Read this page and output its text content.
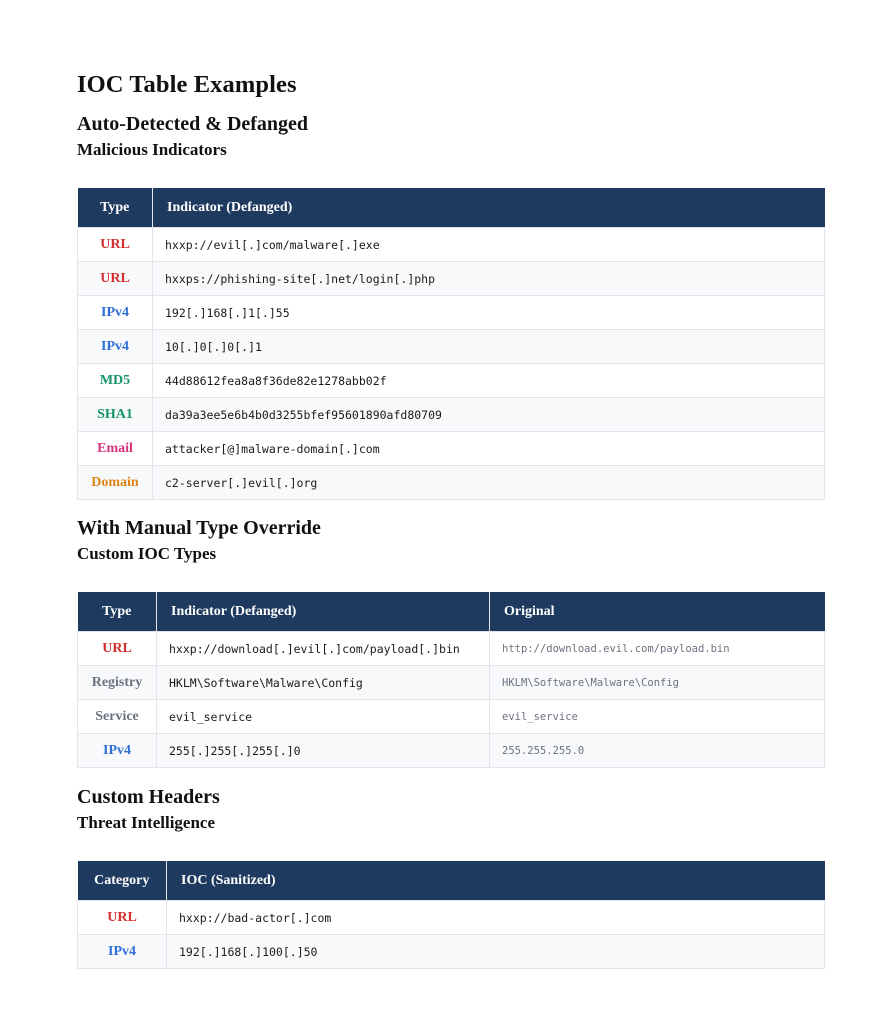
IOC Table Examples
Auto-Detected & Defanged
Malicious Indicators
Type	Indicator (Defanged)
URL	hxxp://evil[.]com/malware[.]exe
URL	hxxps://phishing-site[.]net/login[.]php
IPv4	192[.]168[.]1[.]55
IPv4	10[.]0[.]0[.]1
MD5	44d88612fea8a8f36de82e1278abb02f
SHA1	da39a3ee5e6b4b0d3255bfef95601890afd80709
Email	attacker[@]malware-domain[.]com
Domain	c2-server[.]evil[.]org
With Manual Type Override
Custom IOC Types
Type	Indicator (Defanged)	Original
URL	hxxp://download[.]evil[.]com/payload[.]bin	http://download.evil.com/payload.bin
Registry	HKLM\Software\Malware\Config	HKLM\Software\Malware\Config
Service	evil_service	evil_service
IPv4	255[.]255[.]255[.]0	255.255.255.0
Custom Headers
Threat Intelligence
Category	IOC (Sanitized)
URL	hxxp://bad-actor[.]com
IPv4	192[.]168[.]100[.]50
